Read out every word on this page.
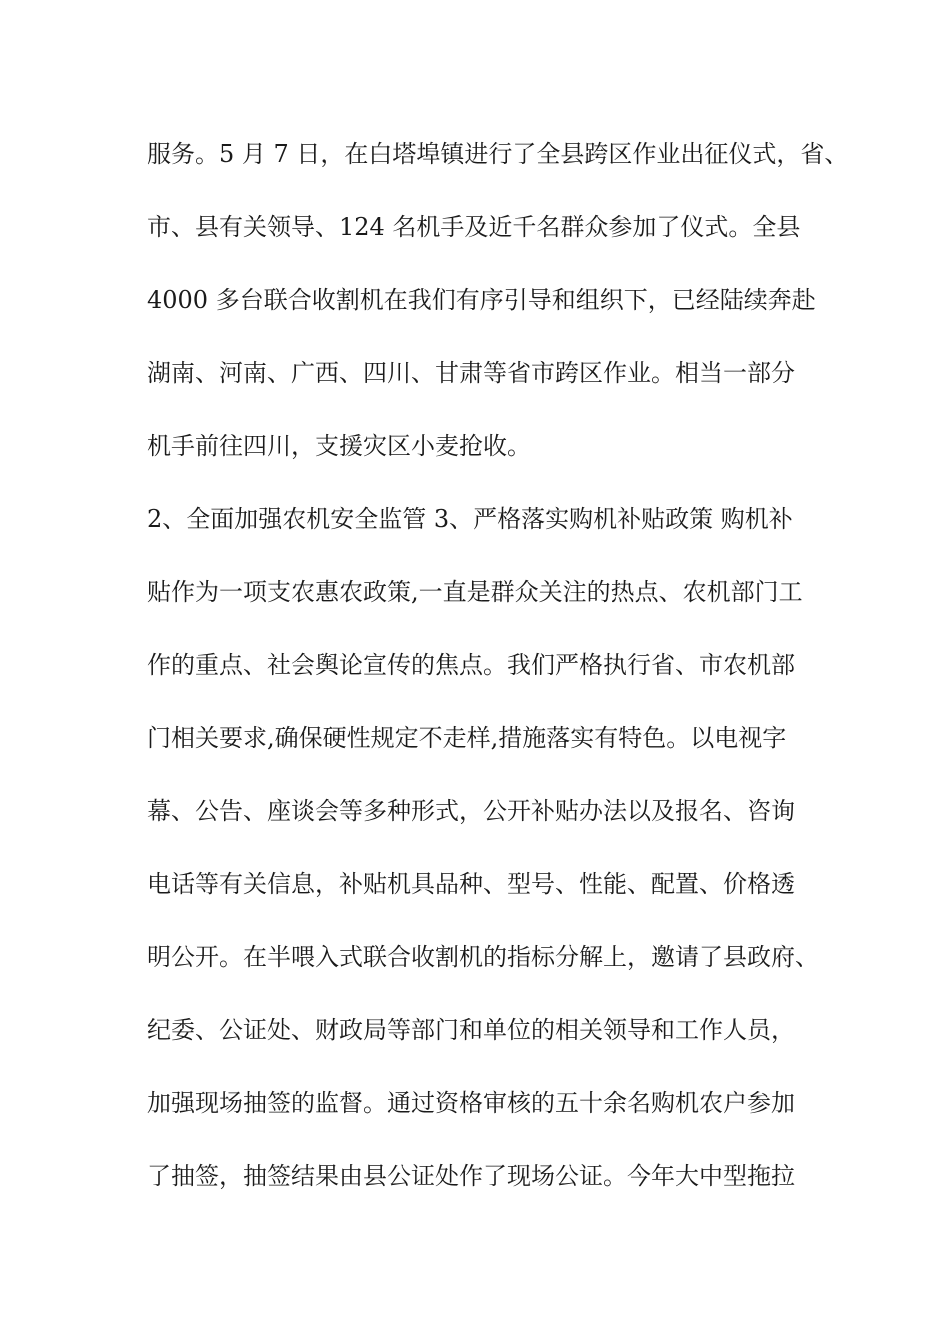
服务。5 月 7 日，在白塔埠镇进行了全县跨区作业出征仪式，省、
市、县有关领导、124 名机手及近千名群众参加了仪式。全县
4000 多台联合收割机在我们有序引导和组织下，已经陆续奔赴
湖南、河南、广西、四川、甘肃等省市跨区作业。相当一部分
机手前往四川，支援灾区小麦抢收。
2、全面加强农机安全监管 3、严格落实购机补贴政策 购机补
贴作为一项支农惠农政策,一直是群众关注的热点、农机部门工
作的重点、社会舆论宣传的焦点。我们严格执行省、市农机部
门相关要求,确保硬性规定不走样,措施落实有特色。以电视字
幕、公告、座谈会等多种形式，公开补贴办法以及报名、咨询
电话等有关信息，补贴机具品种、型号、性能、配置、价格透
明公开。在半喂入式联合收割机的指标分解上，邀请了县政府、
纪委、公证处、财政局等部门和单位的相关领导和工作人员，
加强现场抽签的监督。通过资格审核的五十余名购机农户参加
了抽签，抽签结果由县公证处作了现场公证。今年大中型拖拉
